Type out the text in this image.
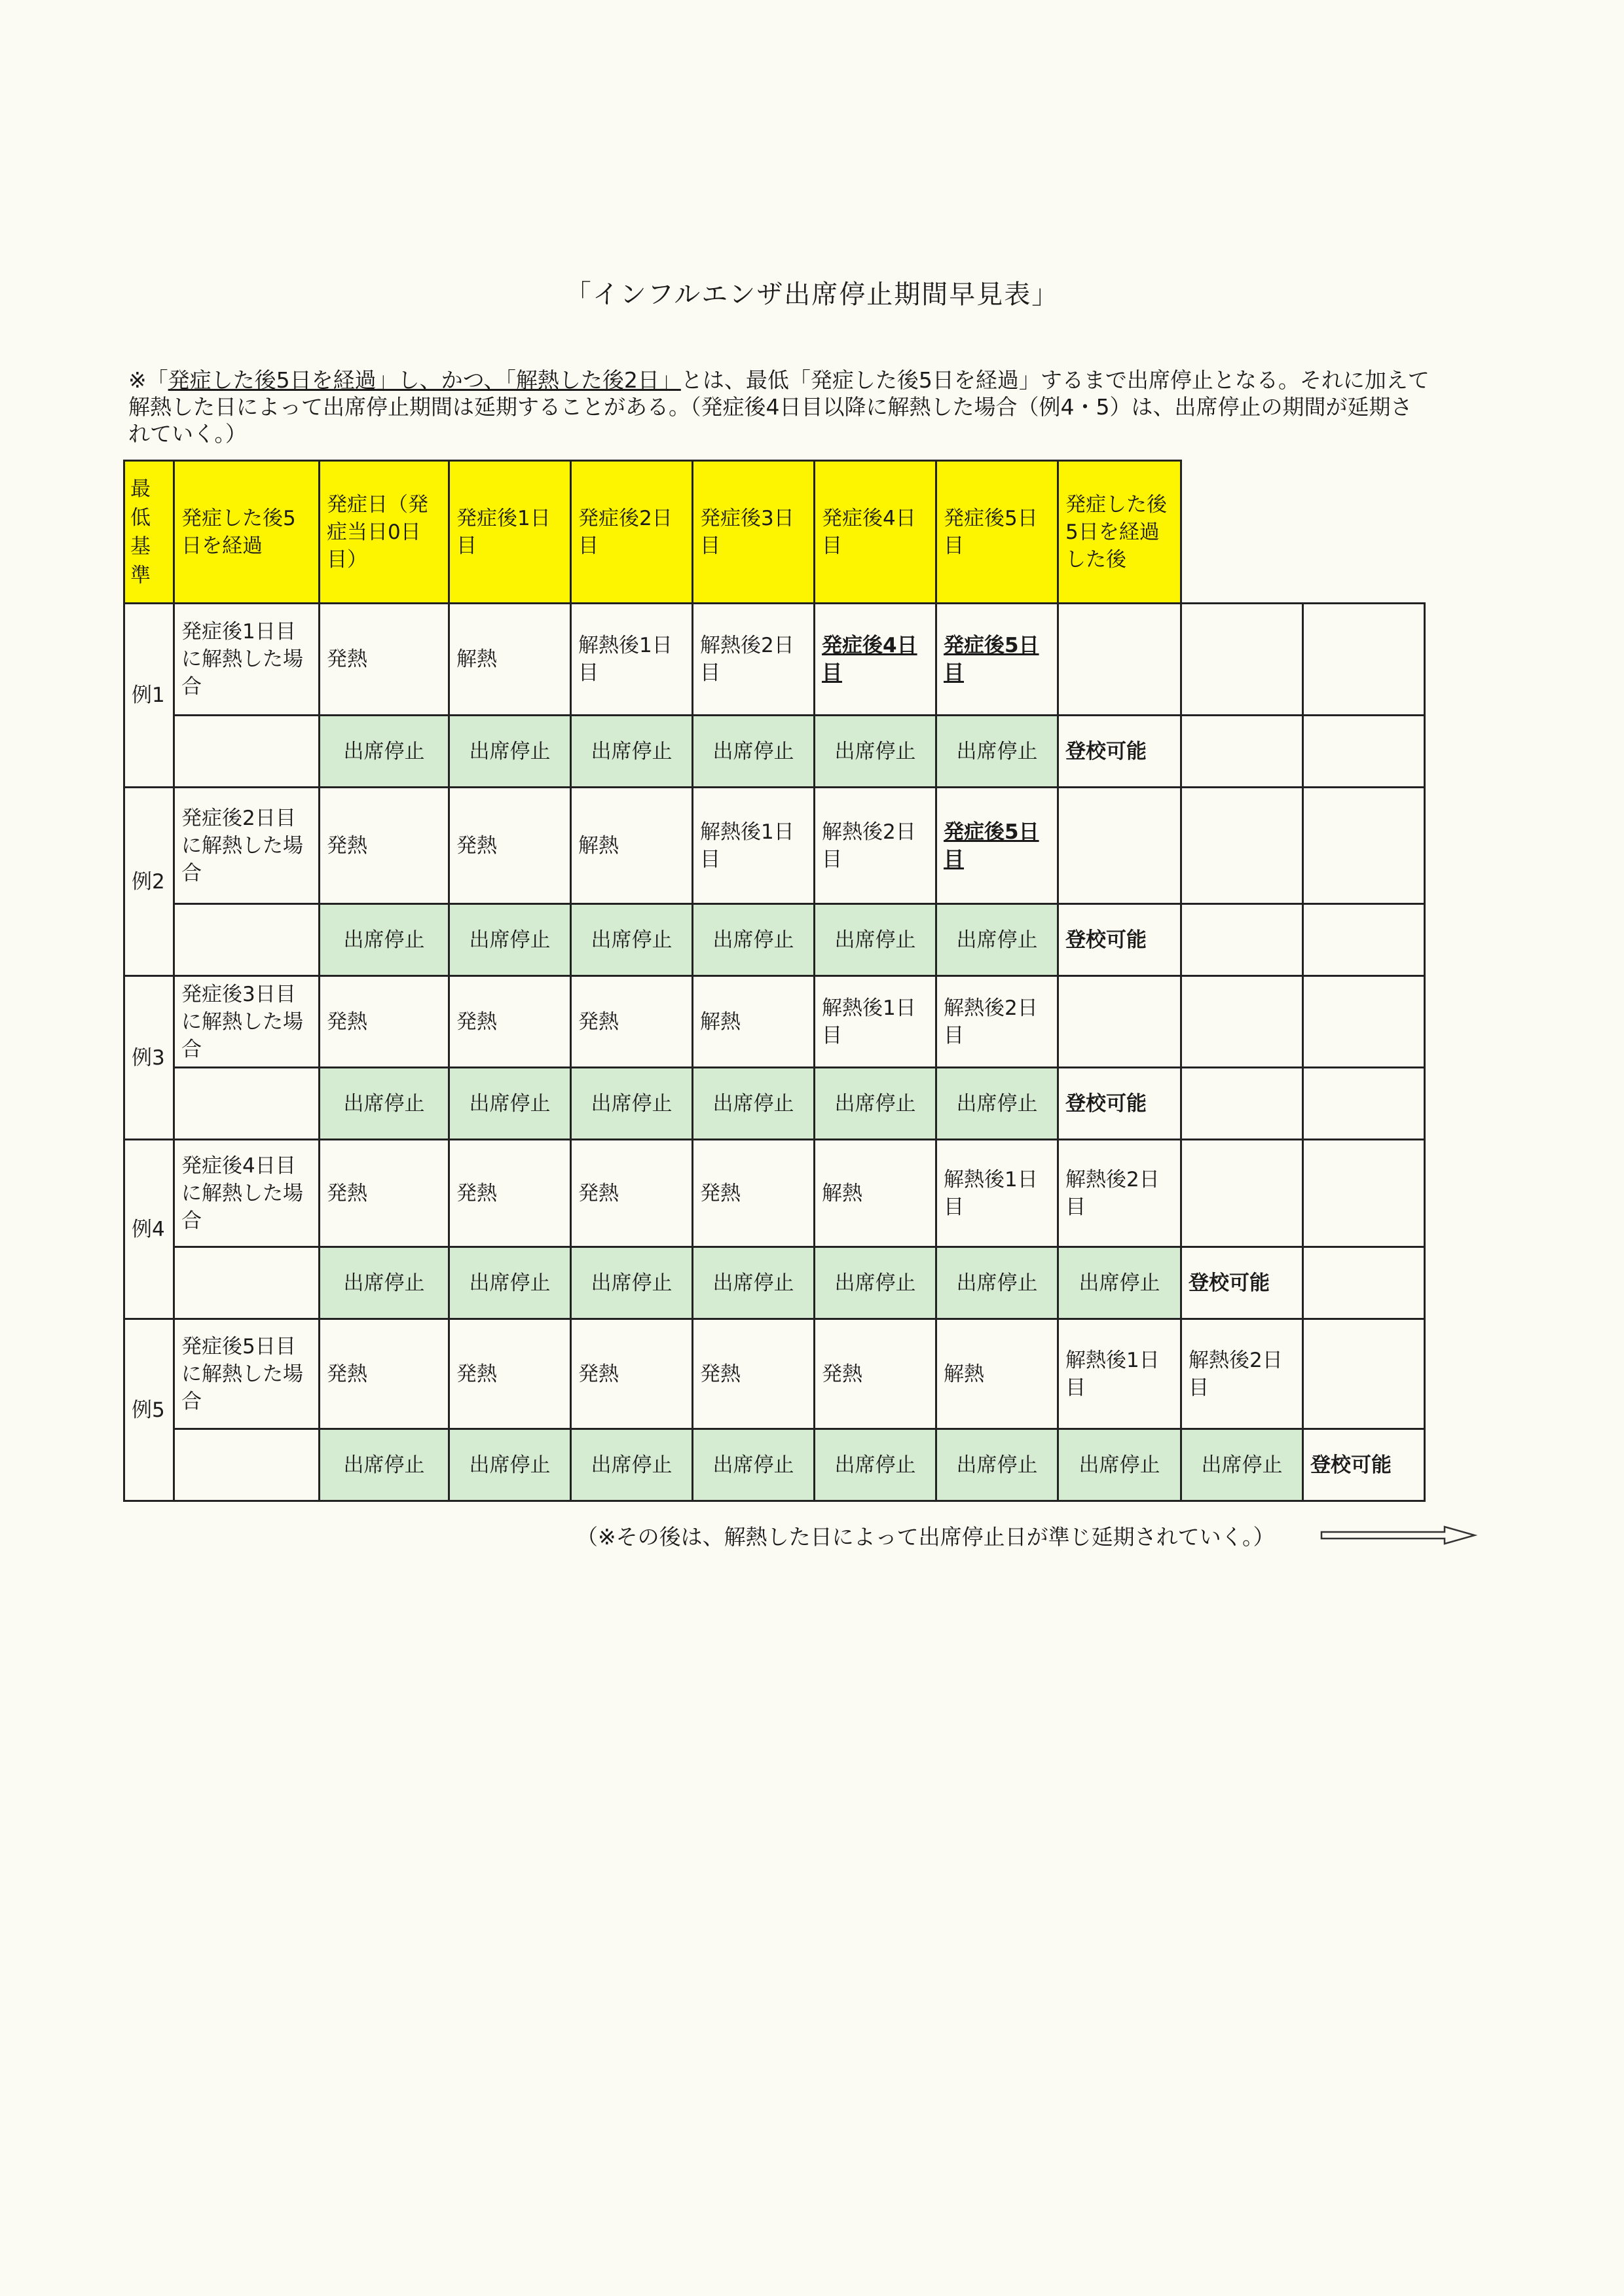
「インフルエンザ出席停止期間早見表」
※「発症した後5日を経過」し、かつ、「解熱した後2日」とは、最低「発症した後5日を経過」するまで出席停止となる。それに加えて解熱した日によって出席停止期間は延期することがある。（発症後4日目以降に解熱した場合（例4・5）は、出席停止の期間が延期されていく。）
最低基準	発症した後5日を経過	発症日（発症当日0日目）	発症後1日目	発症後2日目	発症後3日目	発症後4日目	発症後5日目	発症した後5日を経過した後		
例1	発症後1日目に解熱した場合	発熱	解熱	解熱後1日目	解熱後2日目	発症後4日目	発症後5日目			
		出席停止	出席停止	出席停止	出席停止	出席停止	出席停止	登校可能		
例2	発症後2日目に解熱した場合	発熱	発熱	解熱	解熱後1日目	解熱後2日目	発症後5日目			
		出席停止	出席停止	出席停止	出席停止	出席停止	出席停止	登校可能		
例3	発症後3日目に解熱した場合	発熱	発熱	発熱	解熱	解熱後1日目	解熱後2日目			
		出席停止	出席停止	出席停止	出席停止	出席停止	出席停止	登校可能		
例4	発症後4日目に解熱した場合	発熱	発熱	発熱	発熱	解熱	解熱後1日目	解熱後2日目		
		出席停止	出席停止	出席停止	出席停止	出席停止	出席停止	出席停止	登校可能	
例5	発症後5日目に解熱した場合	発熱	発熱	発熱	発熱	発熱	解熱	解熱後1日目	解熱後2日目	
		出席停止	出席停止	出席停止	出席停止	出席停止	出席停止	出席停止	出席停止	登校可能
（※その後は、解熱した日によって出席停止日が準じ延期されていく。）
